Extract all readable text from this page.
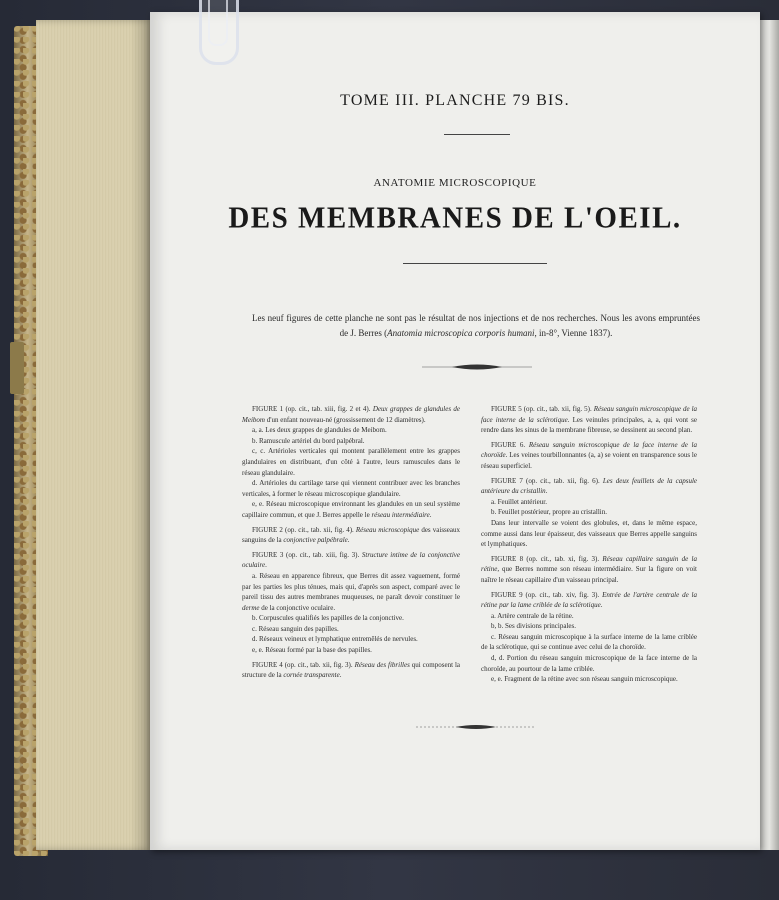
TOME III. PLANCHE 79 BIS.
ANATOMIE MICROSCOPIQUE
DES MEMBRANES DE L'OEIL.
Les neuf figures de cette planche ne sont pas le résultat de nos injections et de nos recherches. Nous les avons empruntées de J. Berres (Anatomia microscopica corporis humani, in-8°, Vienne 1837).

FIGURE 1 (op. cit., tab. xiii, fig. 2 et 4). Deux grappes de glandules de Meibom d'un enfant nouveau-né (grossissement de 12 diamètres).

a, a. Les deux grappes de glandules de Meibom.

b. Ramuscule artériel du bord palpébral.

c, c. Artérioles verticales qui montent parallèlement entre les grappes glandulaires en distribuant, d'un côté à l'autre, leurs ramuscules dans le réseau glandulaire.

d. Artérioles du cartilage tarse qui viennent contribuer avec les branches verticales, à former le réseau microscopique glandulaire.

e, e. Réseau microscopique environnant les glandules en un seul système capillaire commun, et que J. Berres appelle le réseau intermédiaire.

FIGURE 2 (op. cit., tab. xii, fig. 4). Réseau microscopique des vaisseaux sanguins de la conjonctive palpébrale.

FIGURE 3 (op. cit., tab. xiii, fig. 3). Structure intime de la conjonctive oculaire.

a. Réseau en apparence fibreux, que Berres dit assez vaguement, formé par les parties les plus ténues, mais qui, d'après son aspect, comparé avec le pareil tissu des autres membranes muqueuses, ne paraît devoir constituer le derme de la conjonctive oculaire.

b. Corpuscules qualifiés les papilles de la conjonctive.

c. Réseau sanguin des papilles.

d. Réseaux veineux et lymphatique entremêlés de nervules.

e, e. Réseau formé par la base des papilles.

FIGURE 4 (op. cit., tab. xii, fig. 3). Réseau des fibrilles qui composent la structure de la cornée transparente.

FIGURE 5 (op. cit., tab. xii, fig. 5). Réseau sanguin microscopique de la face interne de la sclérotique. Les veinules principales, a, a, qui vont se rendre dans les sinus de la membrane fibreuse, se dessinent au second plan.

FIGURE 6. Réseau sanguin microscopique de la face interne de la choroïde. Les veines tourbillonnantes (a, a) se voient en transparence sous le réseau superficiel.

FIGURE 7 (op. cit., tab. xii, fig. 6). Les deux feuillets de la capsule antérieure du cristallin.

a. Feuillet antérieur.

b. Feuillet postérieur, propre au cristallin.

Dans leur intervalle se voient des globules, et, dans le même espace, comme aussi dans leur épaisseur, des vaisseaux que Berres appelle sanguins et lymphatiques.

FIGURE 8 (op. cit., tab. xi, fig. 3). Réseau capillaire sanguin de la rétine, que Berres nomme son réseau intermédiaire. Sur la figure on voit naître le réseau capillaire d'un vaisseau principal.

FIGURE 9 (op. cit., tab. xiv, fig. 3). Entrée de l'artère centrale de la rétine par la lame criblée de la sclérotique.

a. Artère centrale de la rétine.

b, b. Ses divisions principales.

c. Réseau sanguin microscopique à la surface interne de la lame criblée de la sclérotique, qui se continue avec celui de la choroïde.

d, d. Portion du réseau sanguin microscopique de la face interne de la choroïde, au pourtour de la lame criblée.

e, e. Fragment de la rétine avec son réseau sanguin microscopique.
